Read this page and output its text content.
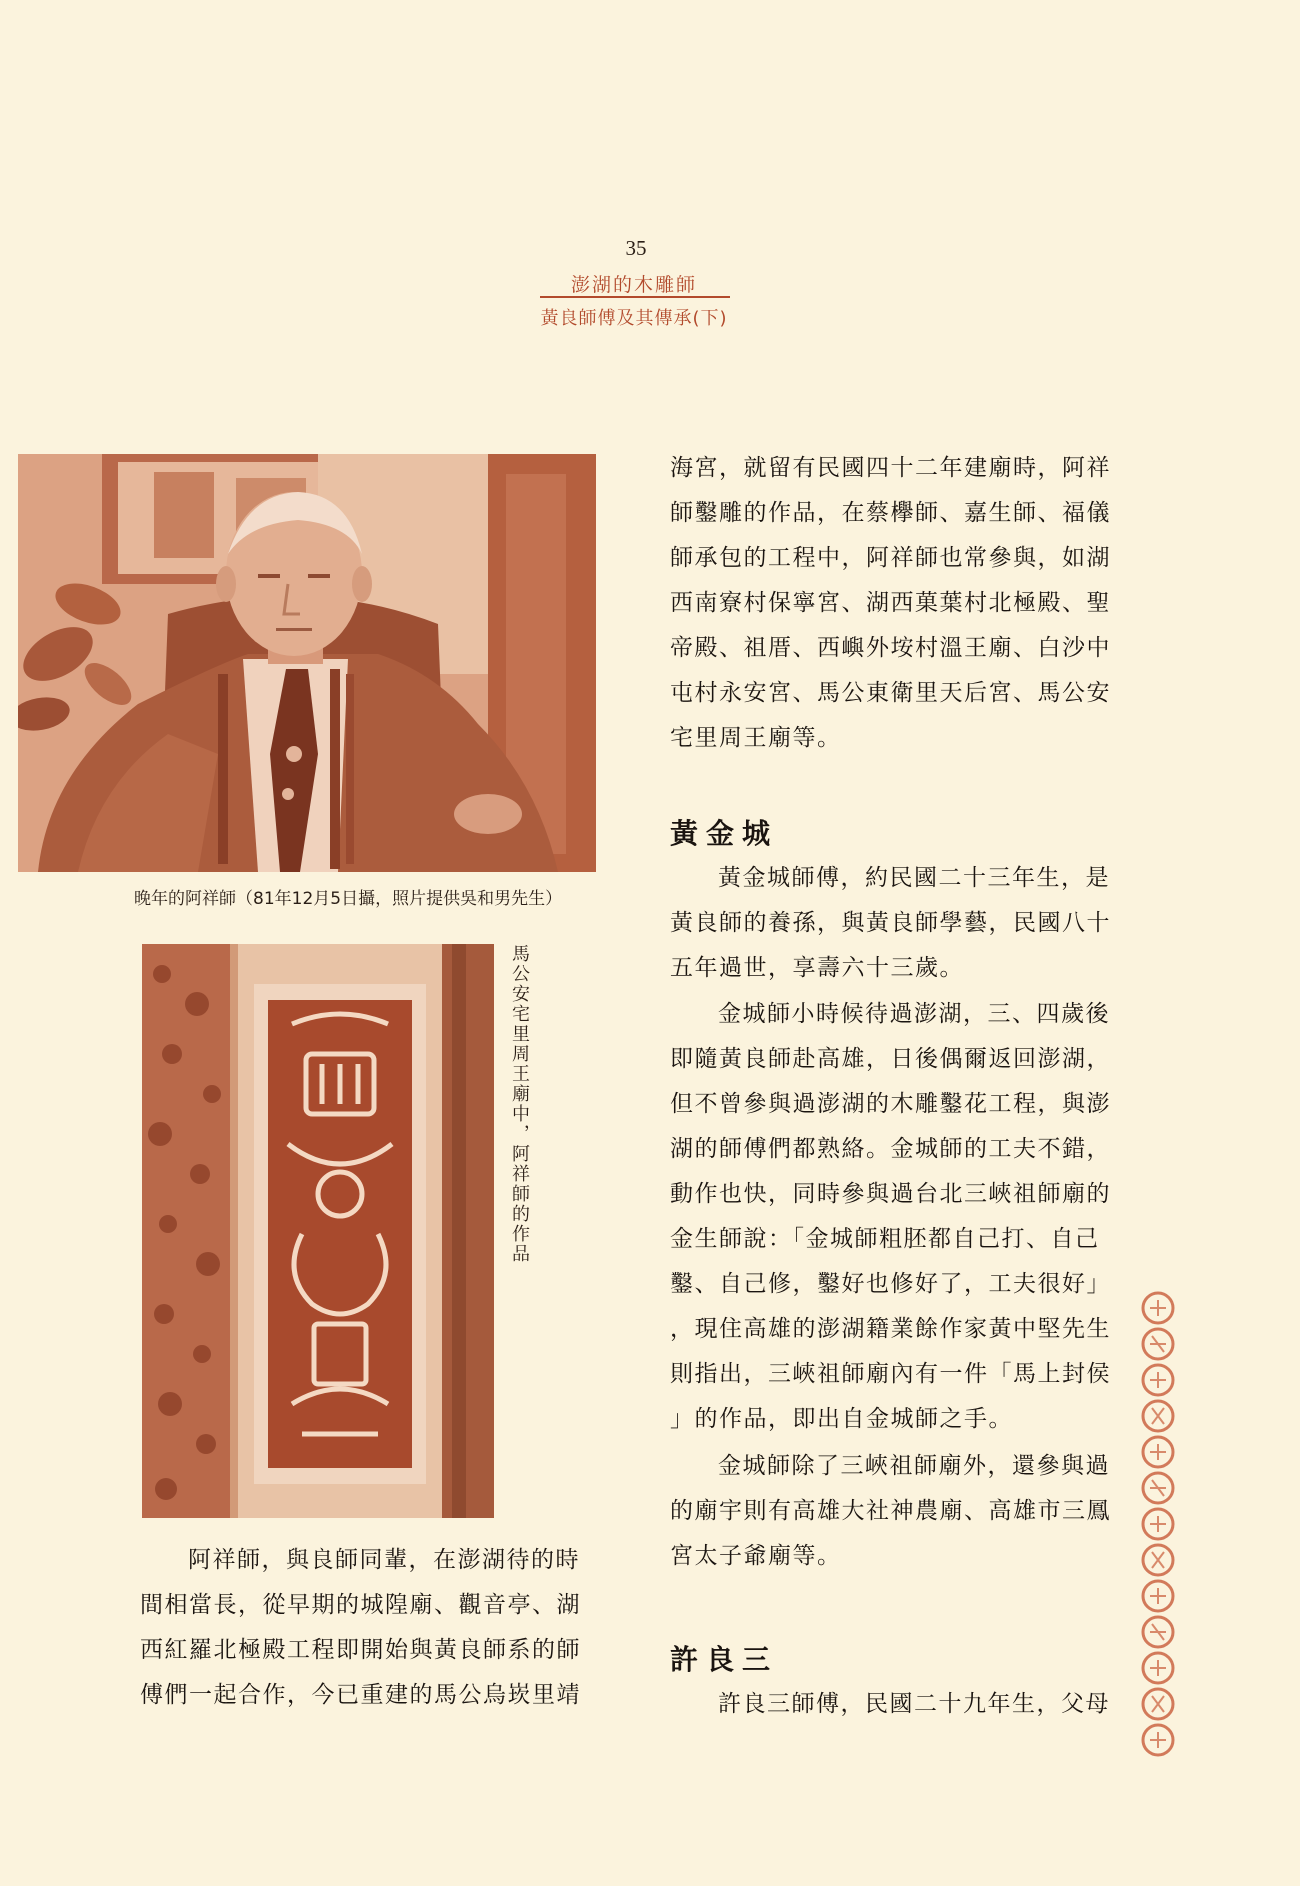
35
澎湖的木雕師
黃良師傅及其傳承(下)
晚年的阿祥師（81年12月5日攝，照片提供吳和男先生）
馬公安宅里周王廟中，阿祥師的作品
阿祥師，與良師同輩，在澎湖待的時
間相當長，從早期的城隍廟、觀音亭、湖
西紅羅北極殿工程即開始與黃良師系的師
傅們一起合作，今已重建的馬公烏崁里靖
海宮，就留有民國四十二年建廟時，阿祥
師鑿雕的作品，在蔡欅師、嘉生師、福儀
師承包的工程中，阿祥師也常參與，如湖
西南寮村保寧宮、湖西菓葉村北極殿、聖
帝殿、祖厝、西嶼外垵村溫王廟、白沙中
屯村永安宮、馬公東衛里天后宮、馬公安
宅里周王廟等。
黃金城
黃金城師傅，約民國二十三年生，是
黃良師的養孫，與黃良師學藝，民國八十
五年過世，享壽六十三歲。
金城師小時候待過澎湖，三、四歲後
即隨黃良師赴高雄，日後偶爾返回澎湖，
但不曾參與過澎湖的木雕鑿花工程，與澎
湖的師傅們都熟絡。金城師的工夫不錯，
動作也快，同時參與過台北三峽祖師廟的
金生師說：「金城師粗胚都自己打、自己
鑿、自己修，鑿好也修好了，工夫很好」
，現住高雄的澎湖籍業餘作家黃中堅先生
則指出，三峽祖師廟內有一件「馬上封侯
」的作品，即出自金城師之手。
金城師除了三峽祖師廟外，還參與過
的廟宇則有高雄大社神農廟、高雄市三鳳
宮太子爺廟等。
許良三
許良三師傅，民國二十九年生，父母
